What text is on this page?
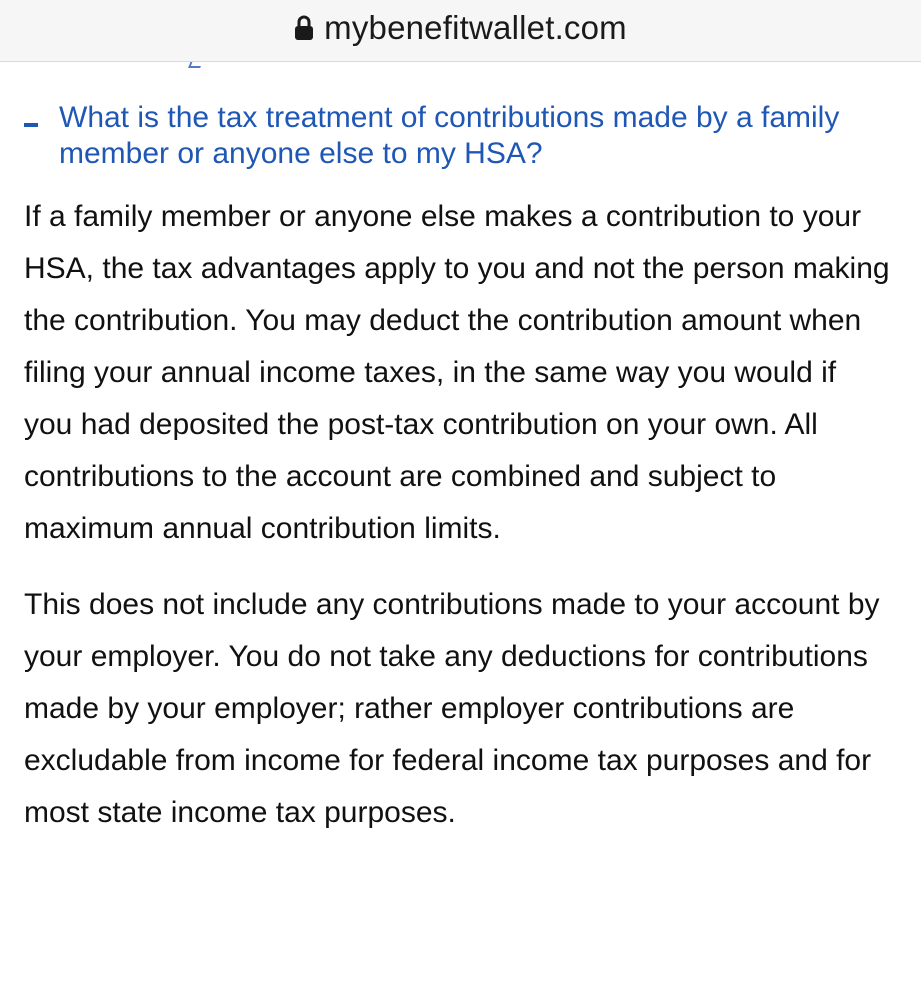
mybenefitwallet.com
What is the tax treatment of contributions made by a family member or anyone else to my HSA?

If a family member or anyone else makes a contribution to your HSA, the tax advantages apply to you and not the person making the contribution. You may deduct the contribution amount when filing your annual income taxes, in the same way you would if you had deposited the post-tax contribution on your own. All contributions to the account are combined and subject to maximum annual contribution limits.

This does not include any contributions made to your account by your employer. You do not take any deductions for contributions made by your employer; rather employer contributions are excludable from income for federal income tax purposes and for most state income tax purposes.
